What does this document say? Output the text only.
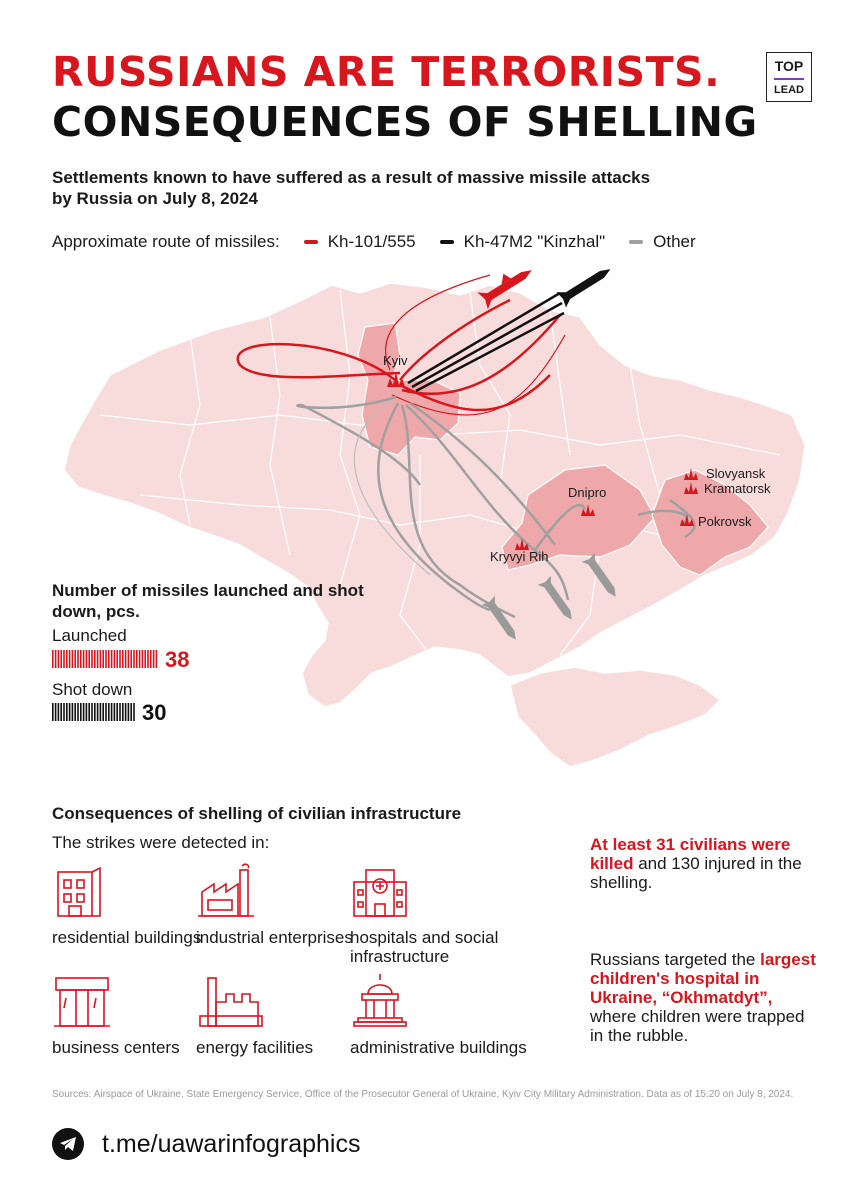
RUSSIANS ARE TERRORISTS.
CONSEQUENCES OF SHELLING
TOP
LEAD
Settlements known to have suffered as a result of massive missile attacks by Russia on July 8, 2024
Approximate route of missiles:	Kh-101/555	Kh-47M2 "Kinzhal"	Other
Kyiv
Dnipro
Kryvyi Rih
Slovyansk
Kramatorsk
Pokrovsk
Number of missiles launched and shot down, pcs.
Launched
38
Shot down
30
Consequences of shelling of civilian infrastructure
The strikes were detected in:
residential buildings
industrial enterprises
hospitals and social infrastructure
business centers energy facilities	administrative buildings
At least 31 civilians were killed and 130 injured in the shelling.
Russians targeted the largest children's hospital in Ukraine, “Okhmatdyt”, where children were trapped in the rubble.
Sources: Airspace of Ukraine, State Emergency Service, Office of the Prosecutor General of Ukraine, Kyiv City Military Administration. Data as of 15:20 on July 8, 2024.
t.me/uawarinfographics
